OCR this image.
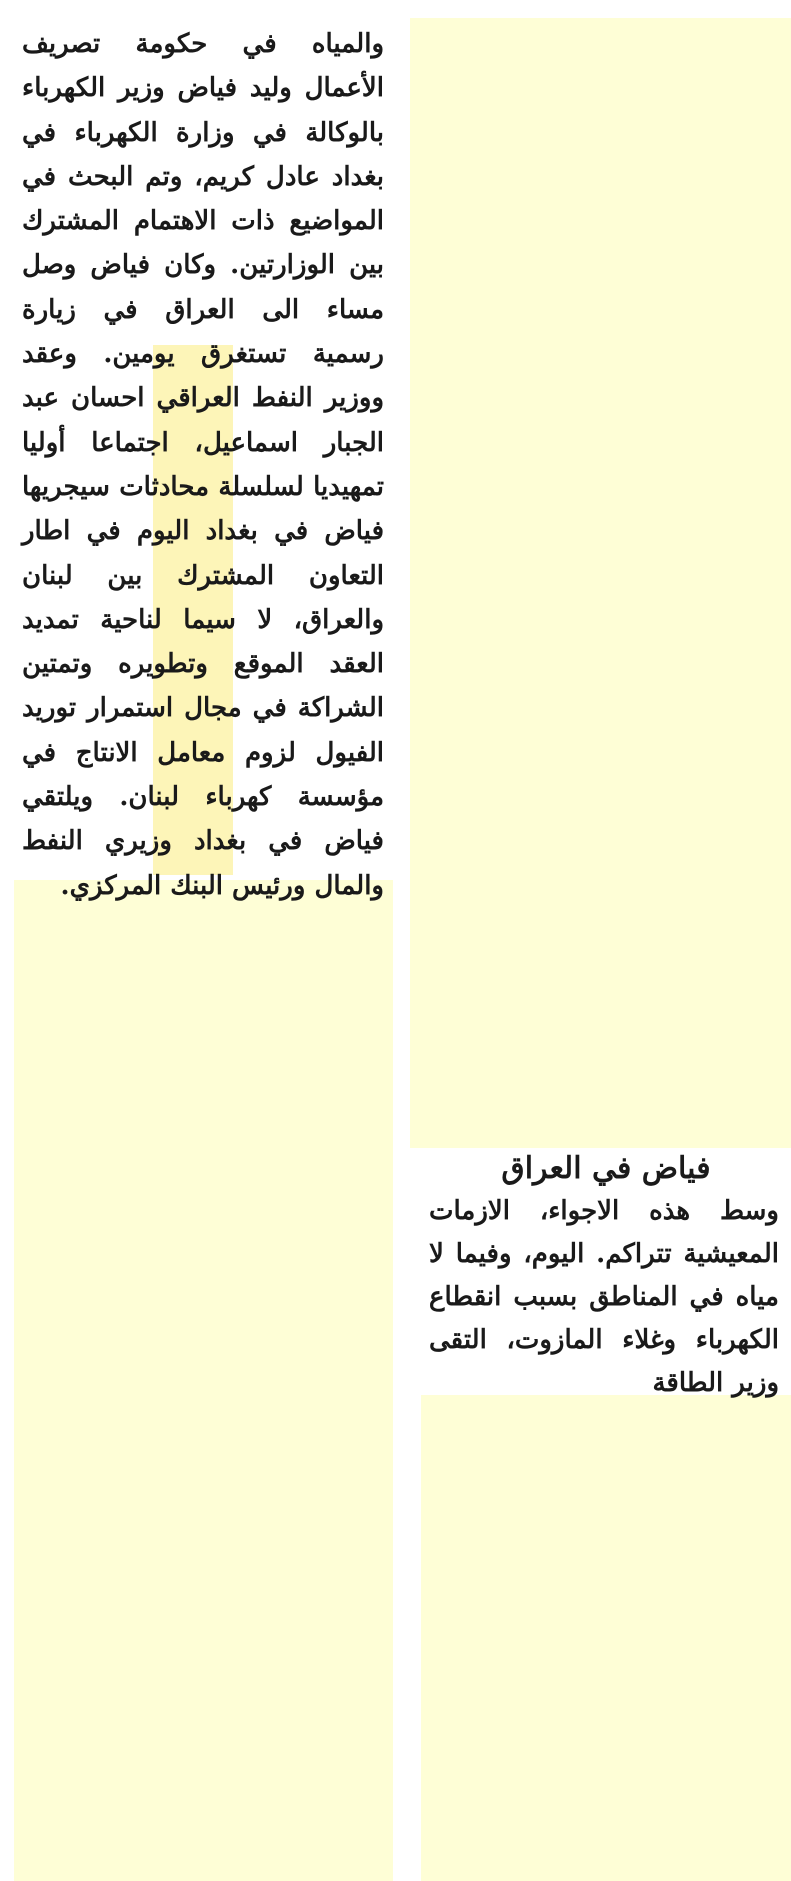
والمياه في حكومة تصريف الأعمال وليد فياض وزير الكهرباء بالوكالة في وزارة الكهرباء في بغداد عادل كريم، وتم البحث في المواضيع ذات الاهتمام المشترك بين الوزارتين. وكان فياض وصل مساء الى العراق في زيارة رسمية تستغرق يومين. وعقد ووزير النفط العراقي احسان عبد الجبار اسماعيل، اجتماعا أوليا تمهيديا لسلسلة محادثات سيجريها فياض في بغداد اليوم في اطار التعاون المشترك بين لبنان والعراق، لا سيما لناحية تمديد العقد الموقع وتطويره وتمتين الشراكة في مجال استمرار توريد الفيول لزوم معامل الانتاج في مؤسسة كهرباء لبنان. ويلتقي فياض في بغداد وزيري النفط والمال ورئيس البنك المركزي.

فياض في العراق

وسط هذه الاجواء، الازمات المعيشية تتراكم. اليوم، وفيما لا مياه في المناطق بسبب انقطاع الكهرباء وغلاء المازوت، التقى وزير الطاقة
